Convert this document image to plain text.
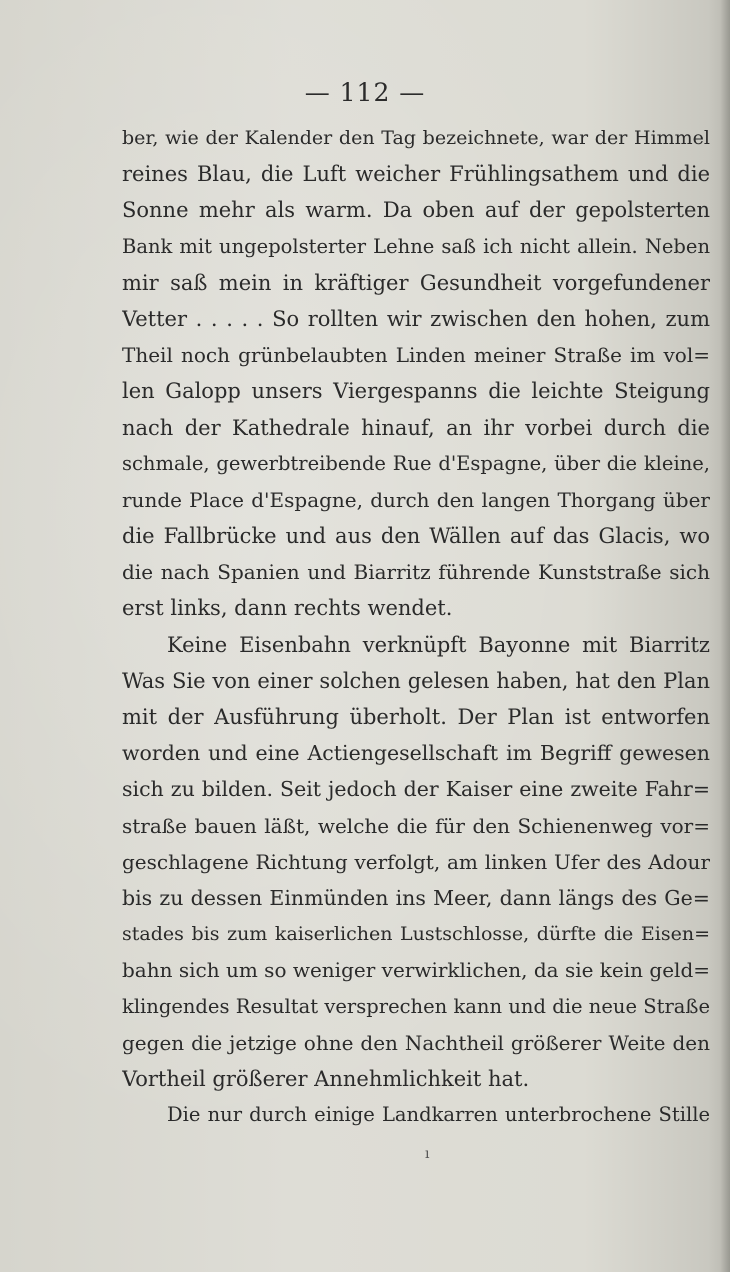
— 112 —
ber, wie der Kalender den Tag bezeichnete, war der Himmel
reines Blau, die Luft weicher Frühlingsathem und die
Sonne mehr als warm. Da oben auf der gepolsterten
Bank mit ungepolsterter Lehne saß ich nicht allein. Neben
mir saß mein in kräftiger Gesundheit vorgefundener
Vetter . . . . . So rollten wir zwischen den hohen, zum
Theil noch grünbelaubten Linden meiner Straße im vol=
len Galopp unsers Viergespanns die leichte Steigung
nach der Kathedrale hinauf, an ihr vorbei durch die
schmale, gewerbtreibende Rue d'Espagne, über die kleine,
runde Place d'Espagne, durch den langen Thorgang über
die Fallbrücke und aus den Wällen auf das Glacis, wo
die nach Spanien und Biarritz führende Kunststraße sich
erst links, dann rechts wendet.
Keine Eisenbahn verknüpft Bayonne mit Biarritz
Was Sie von einer solchen gelesen haben, hat den Plan
mit der Ausführung überholt. Der Plan ist entworfen
worden und eine Actiengesellschaft im Begriff gewesen
sich zu bilden. Seit jedoch der Kaiser eine zweite Fahr=
straße bauen läßt, welche die für den Schienenweg vor=
geschlagene Richtung verfolgt, am linken Ufer des Adour
bis zu dessen Einmünden ins Meer, dann längs des Ge=
stades bis zum kaiserlichen Lustschlosse, dürfte die Eisen=
bahn sich um so weniger verwirklichen, da sie kein geld=
klingendes Resultat versprechen kann und die neue Straße
gegen die jetzige ohne den Nachtheil größerer Weite den
Vortheil größerer Annehmlichkeit hat.
Die nur durch einige Landkarren unterbrochene Stille
ı
